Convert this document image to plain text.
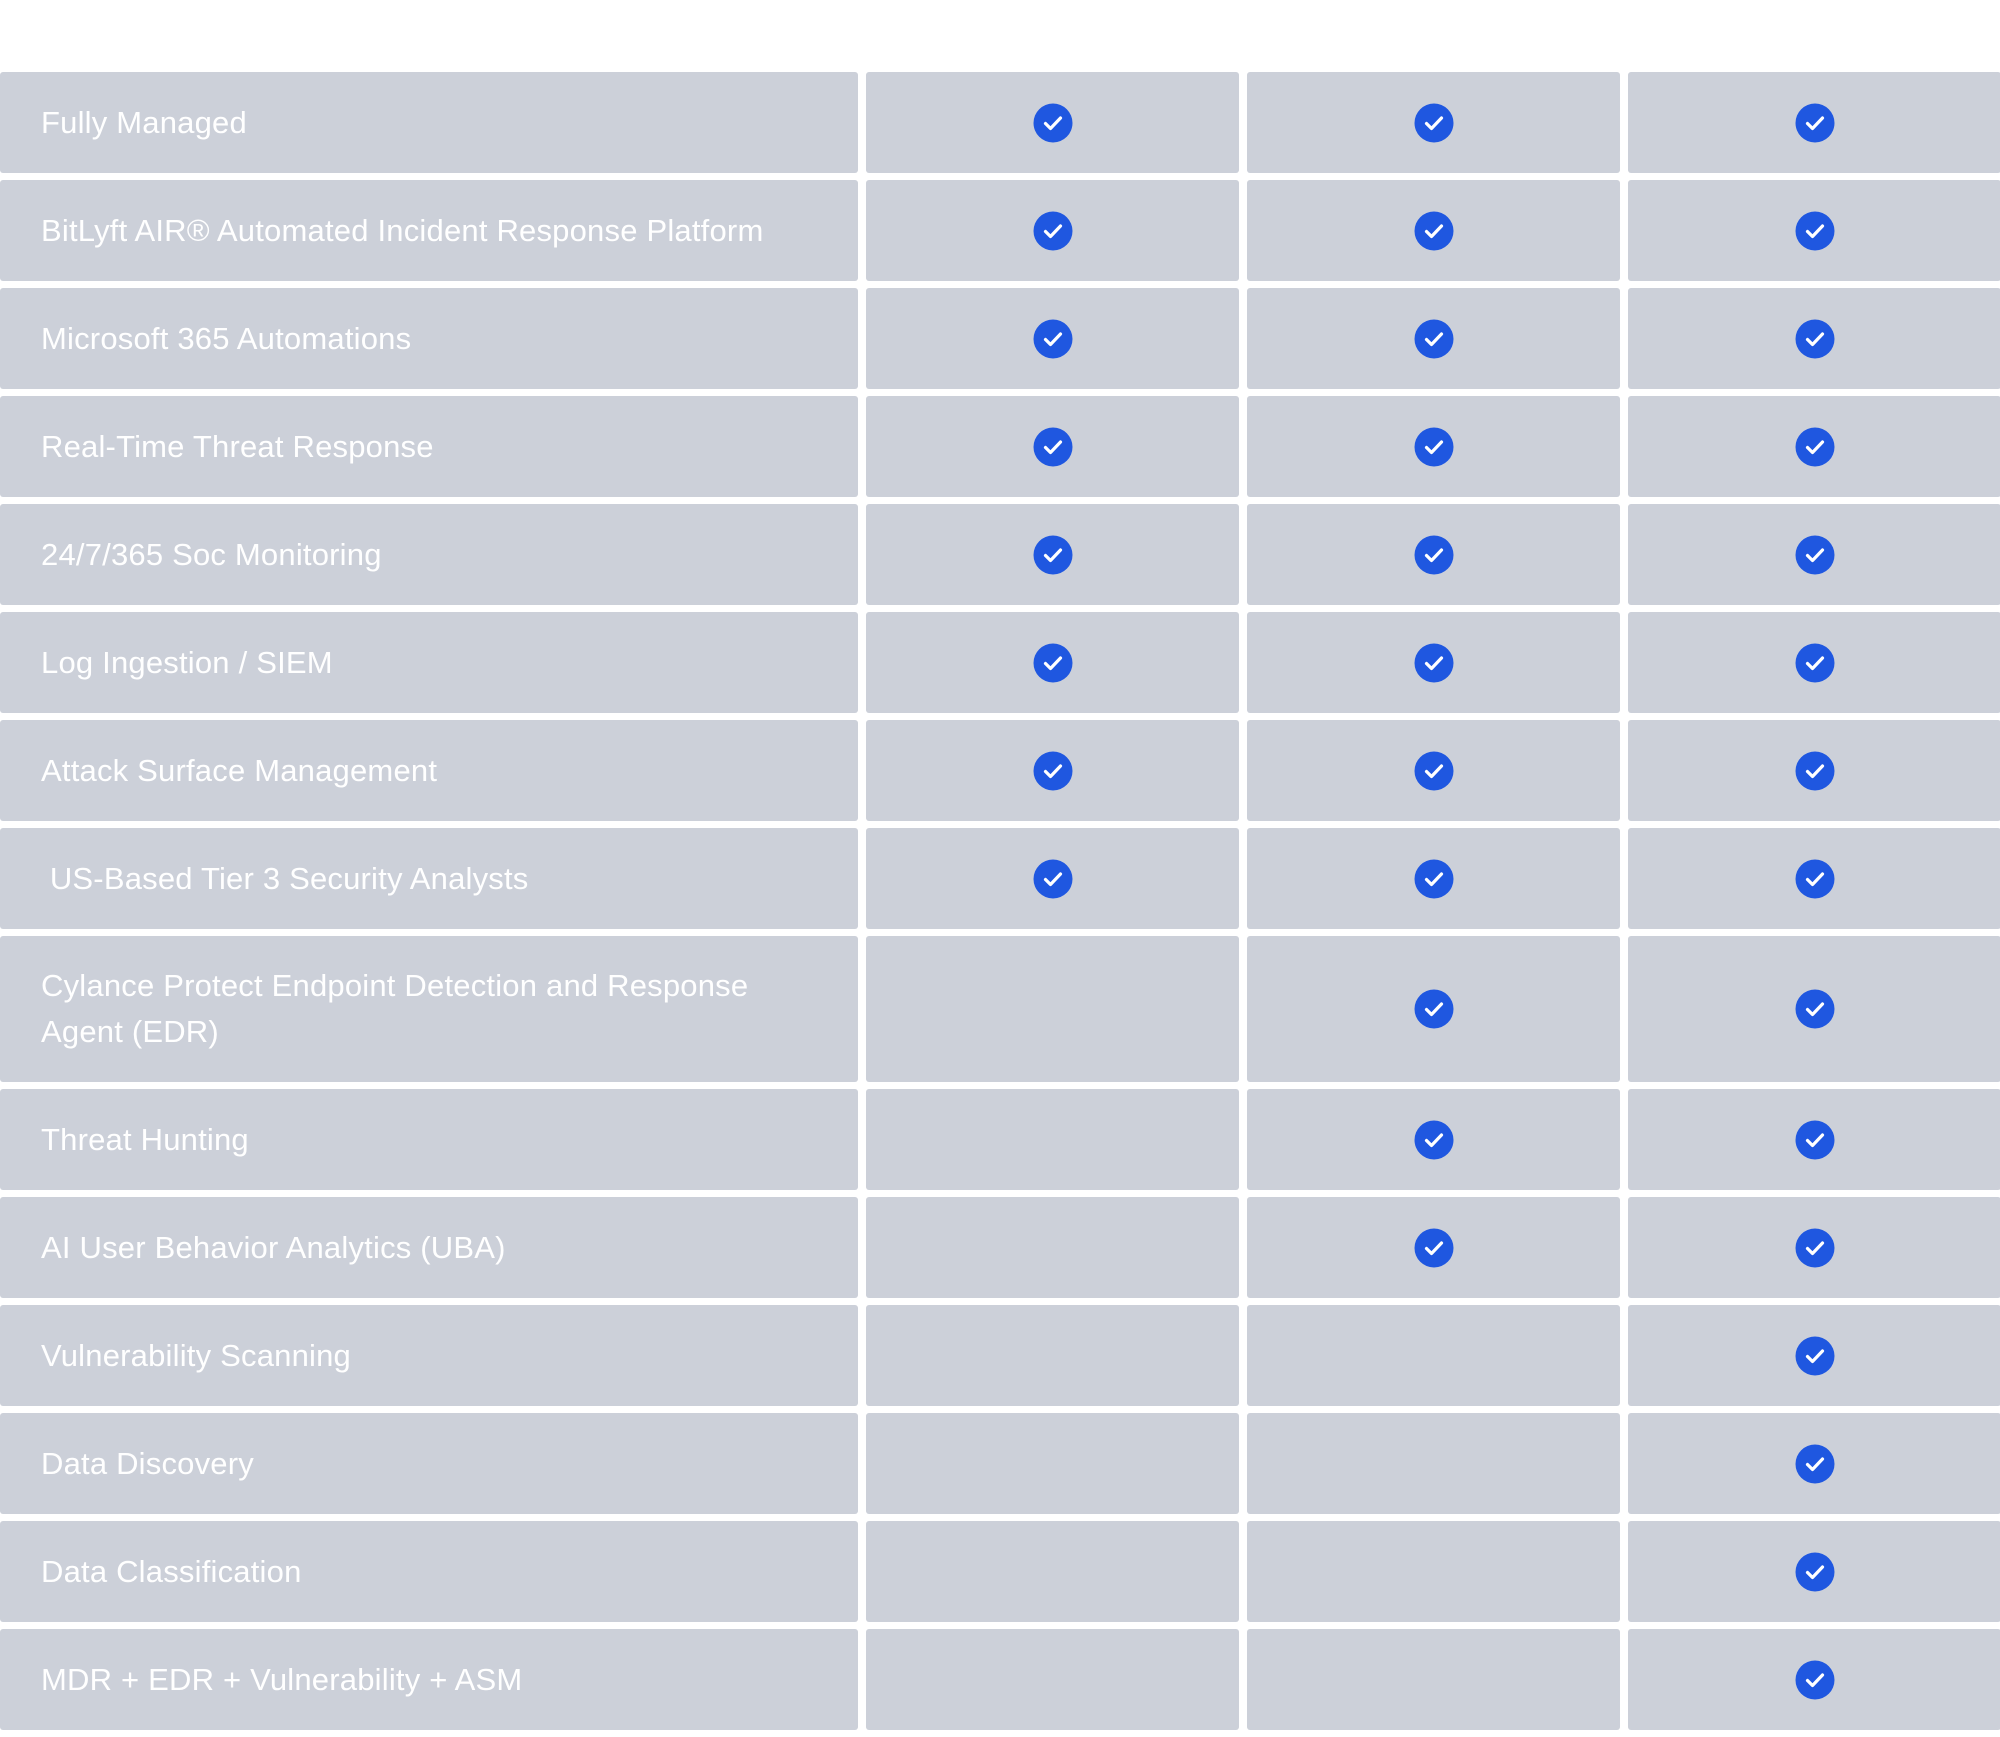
Fully Managed
BitLyft AIR® Automated Incident Response Platform
Microsoft 365 Automations
Real-Time Threat Response
24/7/365 Soc Monitoring
Log Ingestion / SIEM
Attack Surface Management
US-Based Tier 3 Security Analysts
Cylance Protect Endpoint Detection and Response Agent (EDR)
Threat Hunting
AI User Behavior Analytics (UBA)
Vulnerability Scanning
Data Discovery
Data Classification
MDR + EDR + Vulnerability + ASM
